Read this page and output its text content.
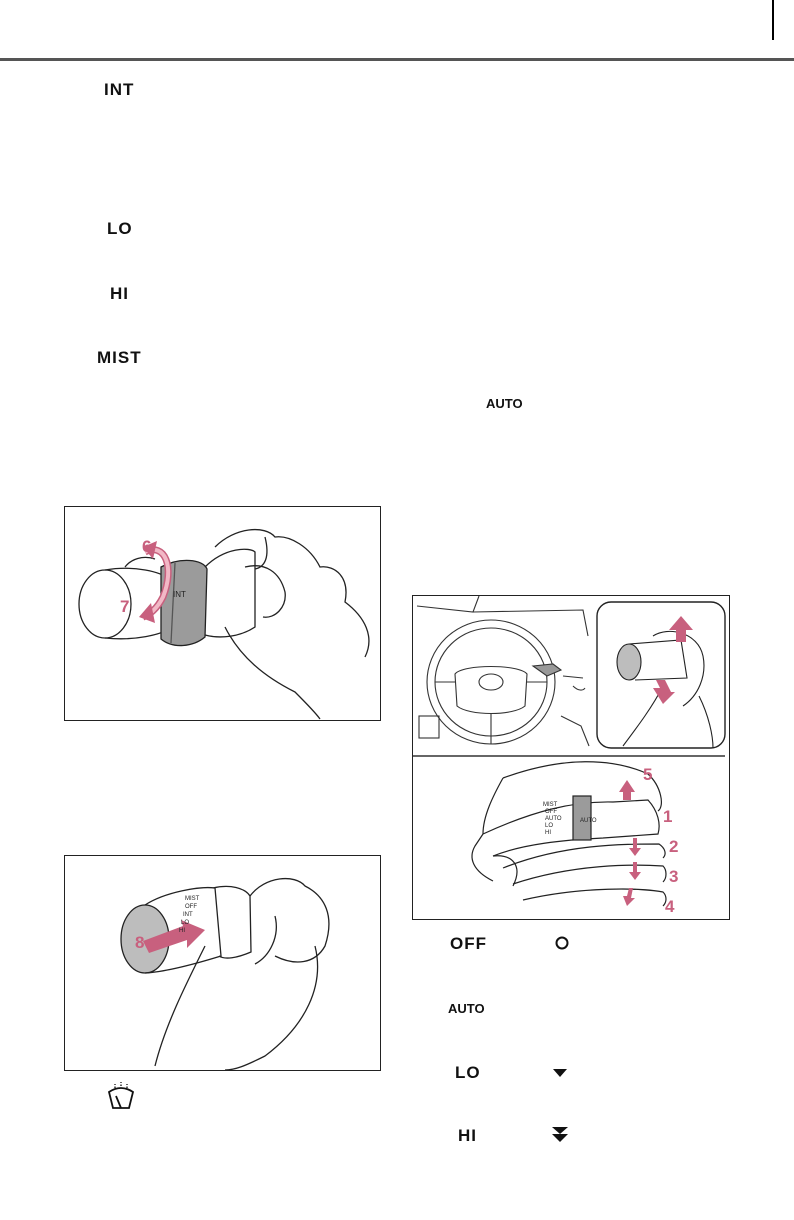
INT
LO
HI
MIST
AUTO
6
7
INT
8
MIST
OFF
INT
LO
HI
MIST
OFF
AUTO
LO
HI
AUTO
5
1
2
3
4
OFF
AUTO
LO
HI
